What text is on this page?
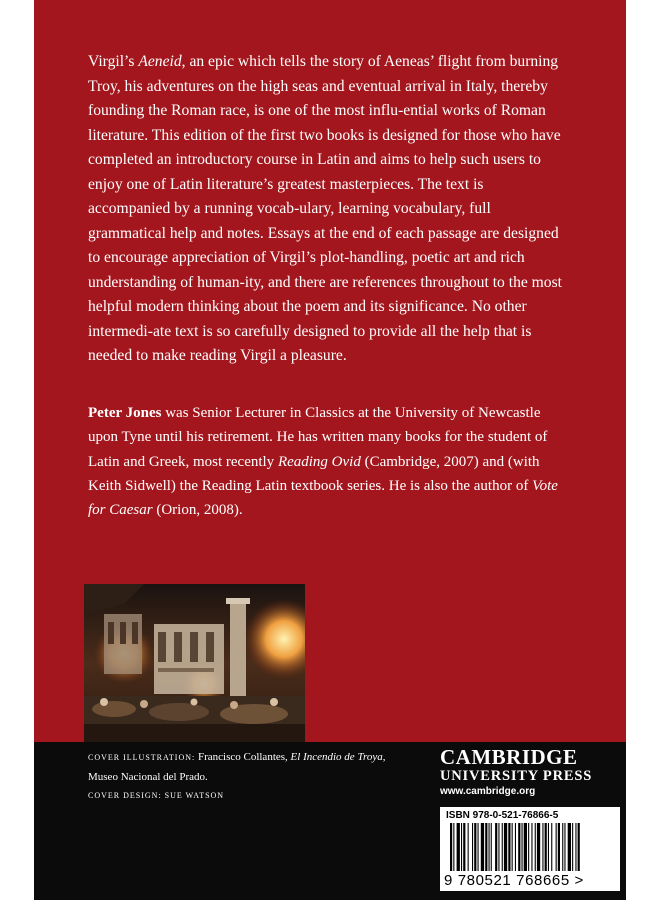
Virgil’s Aeneid, an epic which tells the story of Aeneas’ flight from burning Troy, his adventures on the high seas and eventual arrival in Italy, thereby founding the Roman race, is one of the most influ-ential works of Roman literature. This edition of the first two books is designed for those who have completed an introductory course in Latin and aims to help such users to enjoy one of Latin literature’s greatest masterpieces. The text is accompanied by a running vocab-ulary, learning vocabulary, full grammatical help and notes. Essays at the end of each passage are designed to encourage appreciation of Virgil’s plot-handling, poetic art and rich understanding of human-ity, and there are references throughout to the most helpful modern thinking about the poem and its significance. No other intermedi-ate text is so carefully designed to provide all the help that is needed to make reading Virgil a pleasure.

Peter Jones was Senior Lecturer in Classics at the University of Newcastle upon Tyne until his retirement. He has written many books for the student of Latin and Greek, most recently Reading Ovid (Cambridge, 2007) and (with Keith Sidwell) the Reading Latin textbook series. He is also the author of Vote for Caesar (Orion, 2008).

COVER ILLUSTRATION: Francisco Collantes, El Incendio de Troya,
Museo Nacional del Prado.
COVER DESIGN: SUE WATSON
CAMBRIDGE
UNIVERSITY PRESS
www.cambridge.org
ISBN 978-0-521-76866-5
9 780521 768665 >
